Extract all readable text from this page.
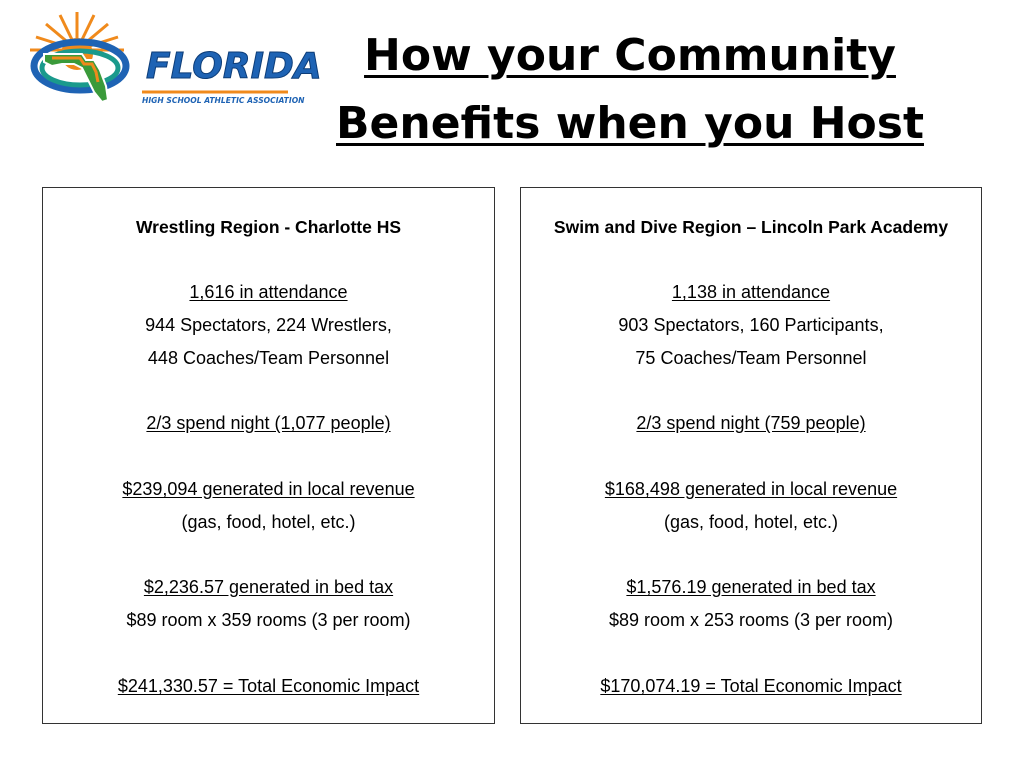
FLORIDA
HIGH SCHOOL ATHLETIC ASSOCIATION
How your Community
Benefits when you Host
Wrestling Region - Charlotte HS
1,616 in attendance
944 Spectators, 224 Wrestlers,
448 Coaches/Team Personnel
2/3 spend night (1,077 people)
$239,094 generated in local revenue
(gas, food, hotel, etc.)
$2,236.57 generated in bed tax
$89 room x 359 rooms (3 per room)
$241,330.57 = Total Economic Impact
Swim and Dive Region – Lincoln Park Academy
1,138 in attendance
903 Spectators, 160 Participants,
75 Coaches/Team Personnel
2/3 spend night (759 people)
$168,498 generated in local revenue
(gas, food, hotel, etc.)
$1,576.19 generated in bed tax
$89 room x 253 rooms (3 per room)
$170,074.19 = Total Economic Impact
